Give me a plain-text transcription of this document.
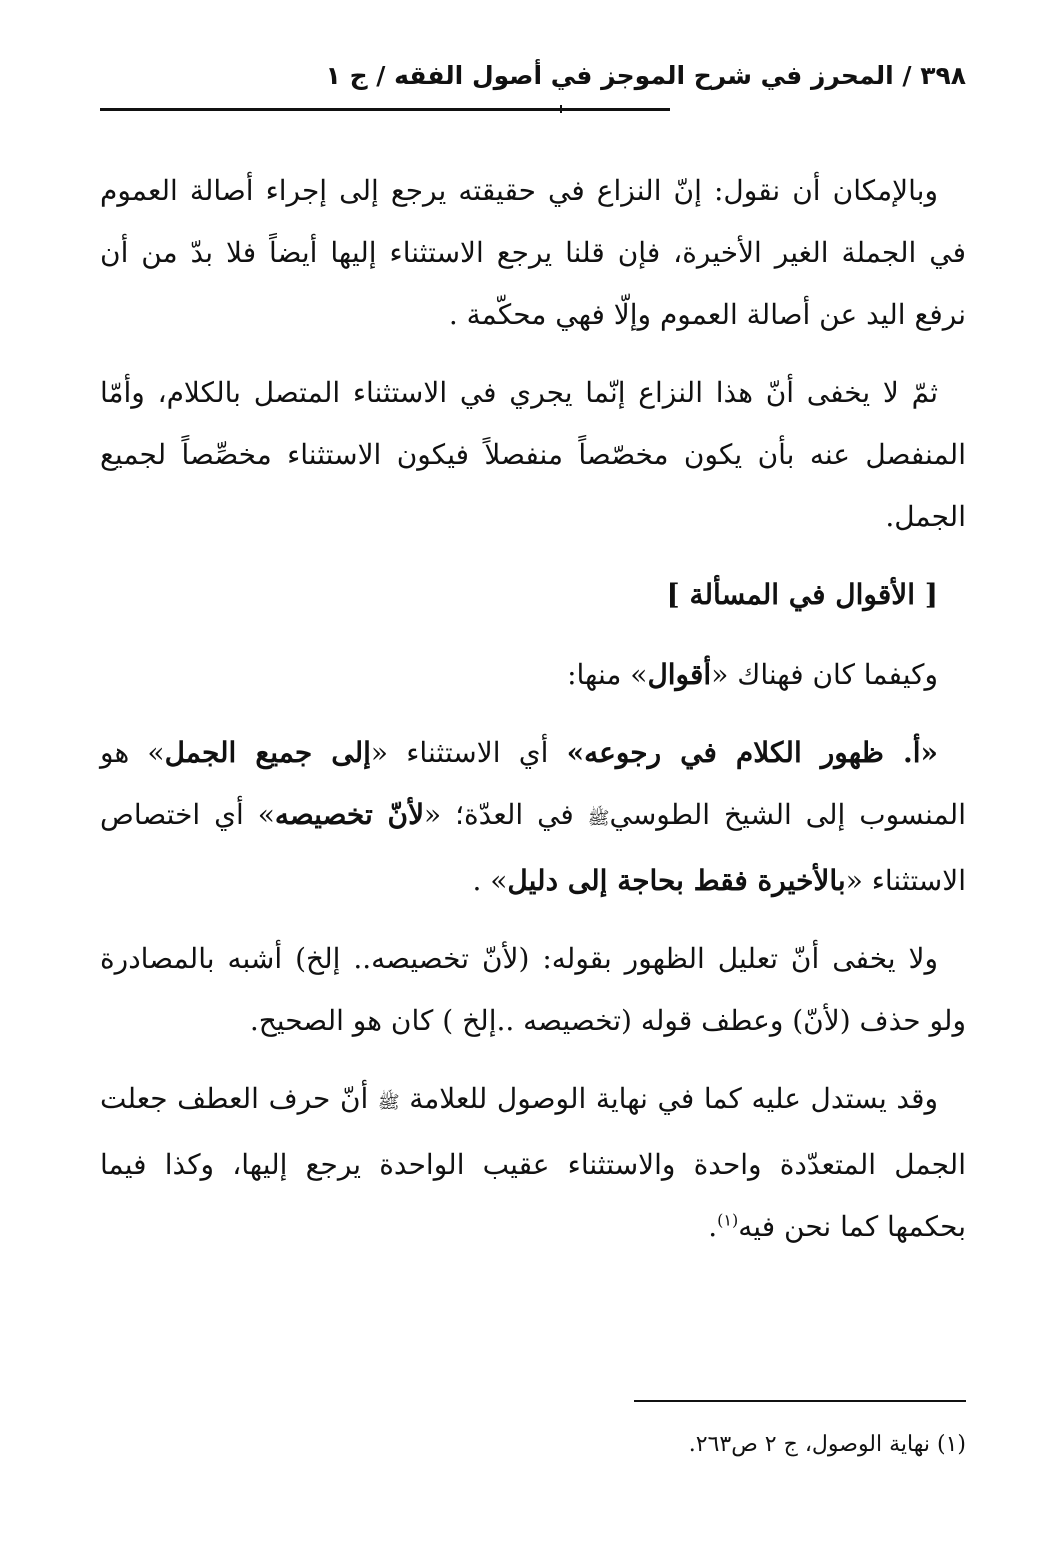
٣٩٨ / المحرز في شرح الموجز في أصول الفقه / ج ١

وبالإمكان أن نقول: إنّ النزاع في حقيقته يرجع إلى إجراء أصالة العموم في الجملة الغير الأخيرة، فإن قلنا يرجع الاستثناء إليها أيضاً فلا بدّ من أن نرفع اليد عن أصالة العموم وإلّا فهي محكّمة .

ثمّ لا يخفى أنّ هذا النزاع إنّما يجري في الاستثناء المتصل بالكلام، وأمّا المنفصل عنه بأن يكون مخصّصاً منفصلاً فيكون الاستثناء مخصِّصاً لجميع الجمل.

[ الأقوال في المسألة ]

وكيفما كان فهناك «أقوال» منها:

«أ. ظهور الكلام في رجوعه» أي الاستثناء «إلى جميع الجمل» هو المنسوب إلى الشيخ الطوسيﷺ في العدّة؛ «لأنّ تخصيصه» أي اختصاص الاستثناء «بالأخيرة فقط بحاجة إلى دليل» .

ولا يخفى أنّ تعليل الظهور بقوله: (لأنّ تخصيصه.. إلخ) أشبه بالمصادرة ولو حذف (لأنّ) وعطف قوله (تخصيصه ..إلخ ) كان هو الصحيح.

وقد يستدل عليه كما في نهاية الوصول للعلامة ﷺ أنّ حرف العطف جعلت الجمل المتعدّدة واحدة والاستثناء عقيب الواحدة يرجع إليها، وكذا فيما بحكمها كما نحن فيه$^{(١)}$.

(١) نهاية الوصول، ج ٢ ص٢٦٣.
